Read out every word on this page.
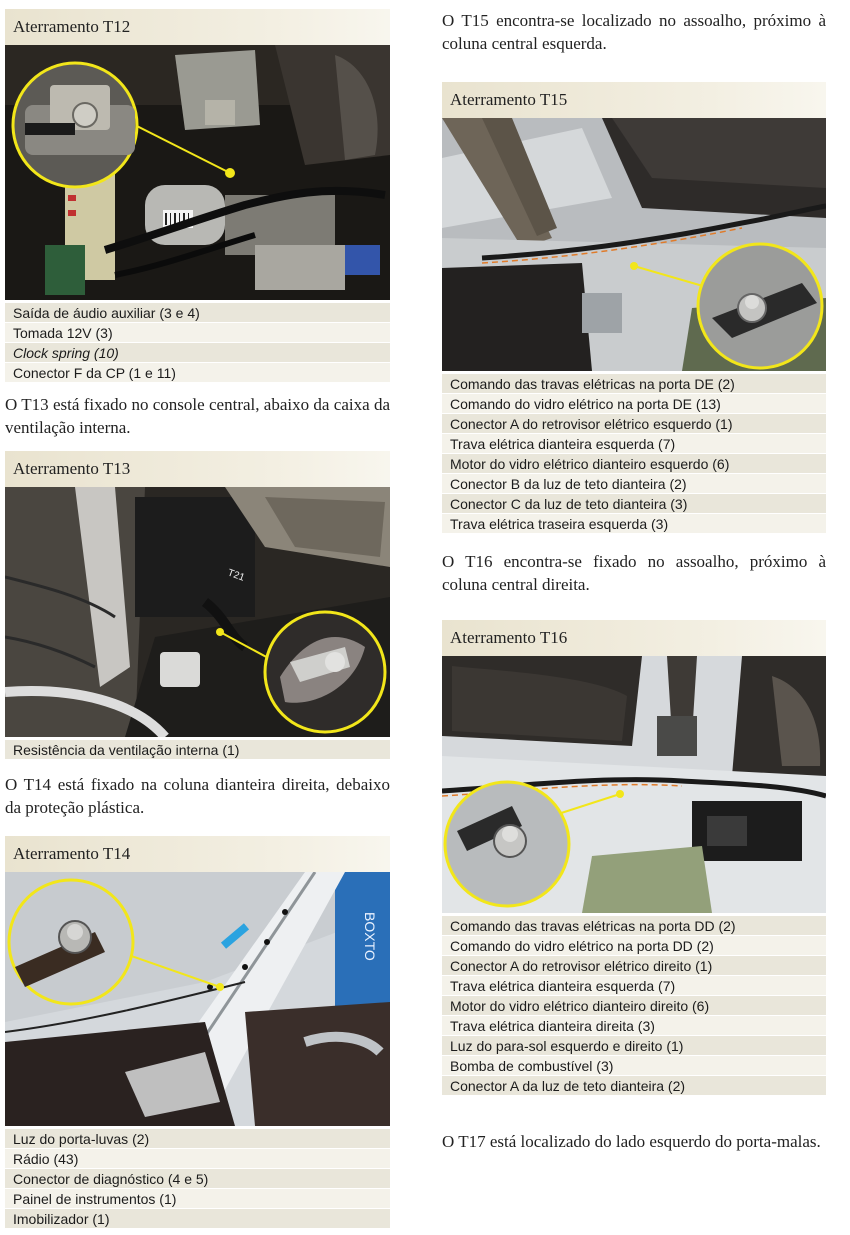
Aterramento T12
Saída de áudio auxiliar (3 e 4)
Tomada 12V (3)
Clock spring (10)
Conector F da CP (1 e 11)

O T13 está fixado no console central, abaixo da caixa da ventilação interna.

Aterramento T13
T21
Resistência da ventilação interna (1)

O T14 está fixado na coluna dianteira direita, debaixo da proteção plástica.

Aterramento T14
BOXTO
Luz do porta-luvas (2)
Rádio (43)
Conector de diagnóstico (4 e 5)
Painel de instrumentos (1)
Imobilizador (1)

O T15 encontra-se localizado no assoalho, próximo à coluna central esquerda.

Aterramento T15
Comando das travas elétricas na porta DE (2)
Comando do vidro elétrico na porta DE (13)
Conector A do retrovisor elétrico esquerdo (1)
Trava elétrica dianteira esquerda (7)
Motor do vidro elétrico dianteiro esquerdo (6)
Conector B da luz de teto dianteira (2)
Conector C da luz de teto dianteira (3)
Trava elétrica traseira esquerda (3)

O T16 encontra-se fixado no assoalho, próximo à coluna central direita.

Aterramento T16
Comando das travas elétricas na porta DD (2)
Comando do vidro elétrico na porta DD (2)
Conector A do retrovisor elétrico direito (1)
Trava elétrica dianteira esquerda (7)
Motor do vidro elétrico dianteiro direito (6)
Trava elétrica dianteira direita (3)
Luz do para-sol esquerdo e direito (1)
Bomba de combustível (3)
Conector A da luz de teto dianteira (2)

O T17 está localizado do lado esquerdo do porta-malas.
